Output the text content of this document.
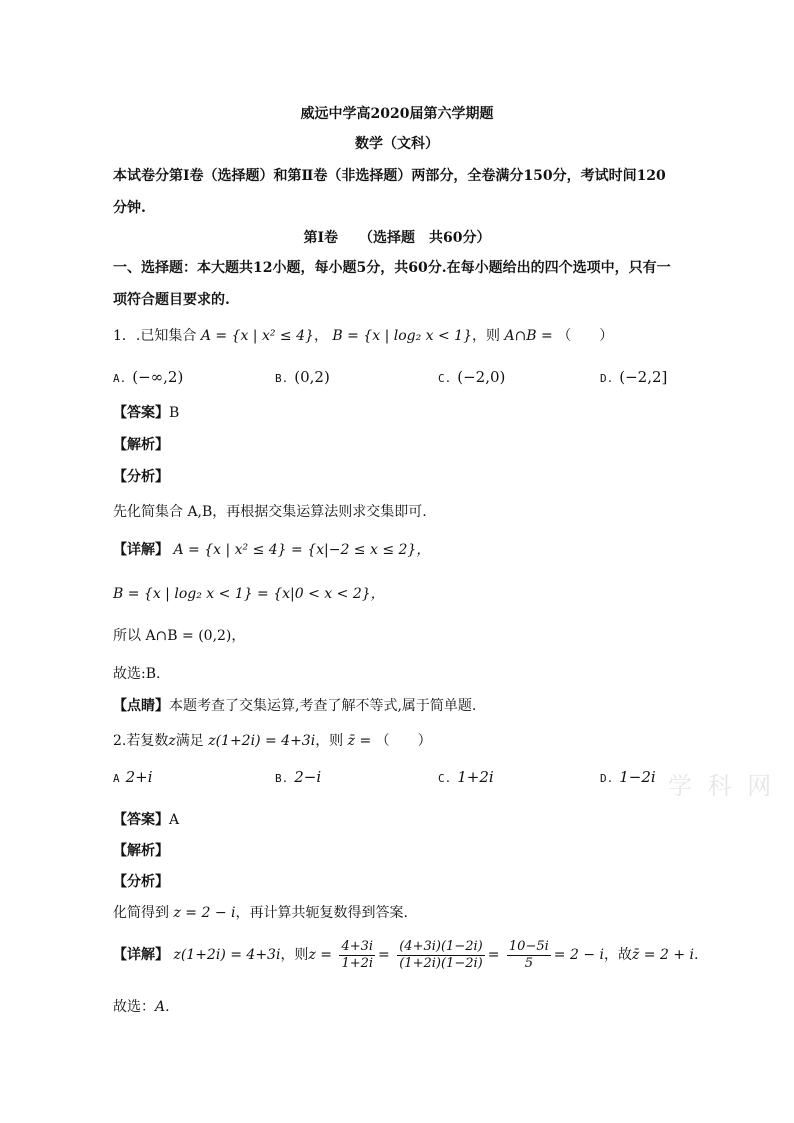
威远中学高2020届第六学期题
数学（文科）
本试卷分第Ⅰ卷（选择题）和第Ⅱ卷（非选择题）两部分，全卷满分150分，考试时间120
分钟.
第Ⅰ卷　　（选择题　共60分）
一、选择题：本大题共12小题，每小题5分，共60分.在每小题给出的四个选项中，只有一
项符合题目要求的.
1．.已知集合 A = {x | x² ≤ 4}， B = {x | log₂ x < 1}，则 A∩B = （　　）
A. (−∞,2)	B. (0,2)	C. (−2,0)	D. (−2,2]
【答案】B
【解析】
【分析】
先化简集合 A,B，再根据交集运算法则求交集即可.
【详解】 A = {x | x² ≤ 4} = {x|−2 ≤ x ≤ 2}，
B = {x | log₂ x < 1} = {x|0 < x < 2}，
所以 A∩B = (0,2)，
故选:B.
【点睛】本题考查了交集运算,考查了解不等式,属于简单题.
2.若复数z满足 z(1+2i) = 4+3i，则 z̄ = （　　）
A 2+i	B. 2−i	C. 1+2i	D. 1−2i 学 科 网
【答案】A
【解析】
【分析】
化简得到 z = 2 − i，再计算共轭复数得到答案.
【详解】 z(1+2i) = 4+3i，则$z = \frac{4+3i}{1+2i} = \frac{(4+3i)(1-2i)}{(1+2i)(1-2i)} = \frac{10-5i}{5} = 2 - i$，故z̄ = 2 + i.
故选：A.
